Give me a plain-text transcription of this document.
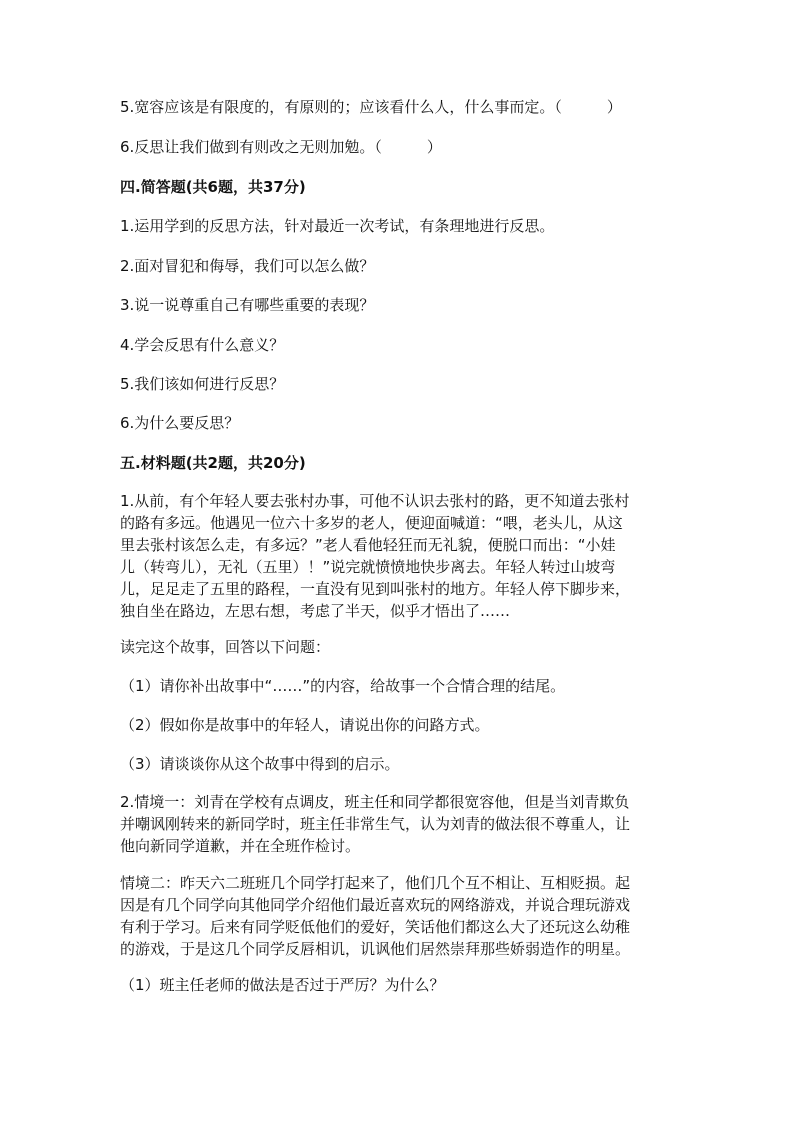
5.宽容应该是有限度的，有原则的；应该看什么人，什么事而定。（　　　）
6.反思让我们做到有则改之无则加勉。（　　　）
四.简答题(共6题，共37分)
1.运用学到的反思方法，针对最近一次考试，有条理地进行反思。
2.面对冒犯和侮辱，我们可以怎么做？
3.说一说尊重自己有哪些重要的表现？
4.学会反思有什么意义？
5.我们该如何进行反思？
6.为什么要反思？
五.材料题(共2题，共20分)
1.从前，有个年轻人要去张村办事，可他不认识去张村的路，更不知道去张村
的路有多远。他遇见一位六十多岁的老人，便迎面喊道：“喂，老头儿，从这
里去张村该怎么走，有多远？”老人看他轻狂而无礼貌，便脱口而出：“小娃
儿（转弯儿），无礼（五里）！”说完就愤愤地快步离去。年轻人转过山坡弯
儿，足足走了五里的路程，一直没有见到叫张村的地方。年轻人停下脚步来，
独自坐在路边，左思右想，考虑了半天，似乎才悟出了……
读完这个故事，回答以下问题：
（1）请你补出故事中“……”的内容，给故事一个合情合理的结尾。
（2）假如你是故事中的年轻人，请说出你的问路方式。
（3）请谈谈你从这个故事中得到的启示。
2.情境一：刘青在学校有点调皮，班主任和同学都很宽容他，但是当刘青欺负
并嘲讽刚转来的新同学时，班主任非常生气，认为刘青的做法很不尊重人，让
他向新同学道歉，并在全班作检讨。
情境二：昨天六二班班几个同学打起来了，他们几个互不相让、互相贬损。起
因是有几个同学向其他同学介绍他们最近喜欢玩的网络游戏，并说合理玩游戏
有利于学习。后来有同学贬低他们的爱好，笑话他们都这么大了还玩这么幼稚
的游戏，于是这几个同学反唇相讥，讥讽他们居然崇拜那些娇弱造作的明星。
（1）班主任老师的做法是否过于严厉？为什么？
